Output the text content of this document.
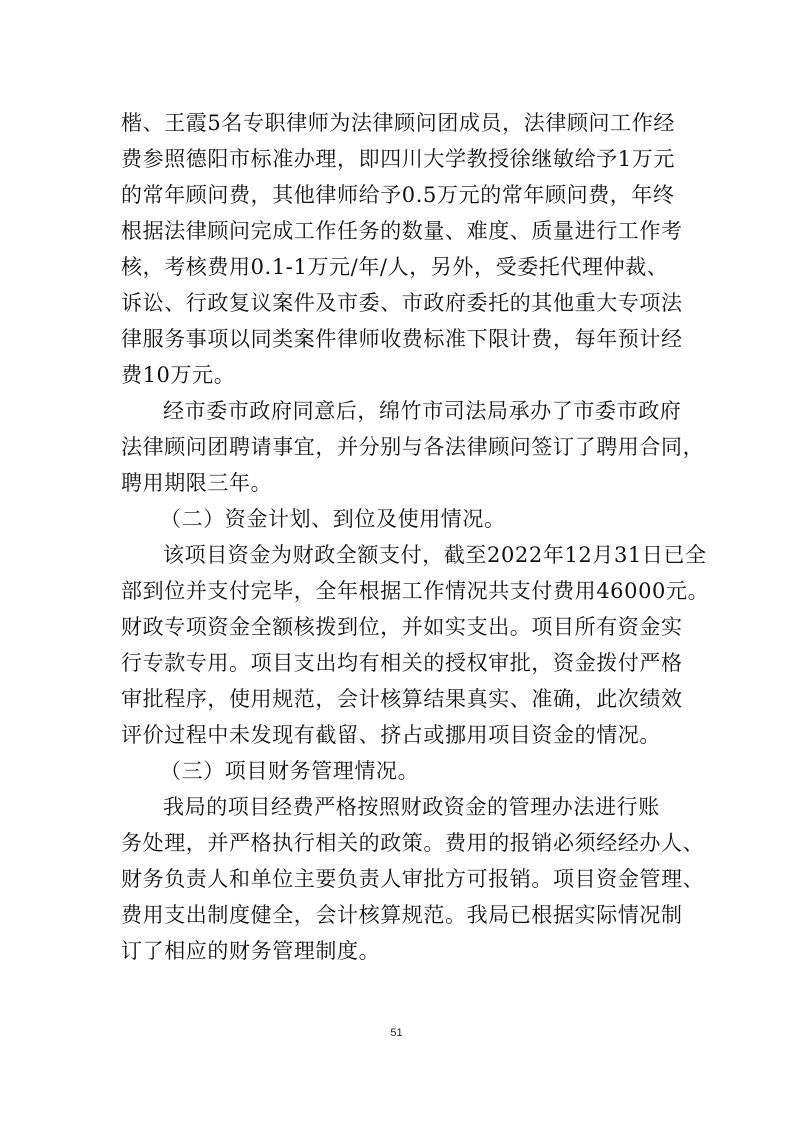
楷、王霞5名专职律师为法律顾问团成员，法律顾问工作经
费参照德阳市标准办理，即四川大学教授徐继敏给予1万元
的常年顾问费，其他律师给予0.5万元的常年顾问费，年终
根据法律顾问完成工作任务的数量、难度、质量进行工作考
核，考核费用0.1-1万元/年/人，另外，受委托代理仲裁、
诉讼、行政复议案件及市委、市政府委托的其他重大专项法
律服务事项以同类案件律师收费标准下限计费，每年预计经
费10万元。
经市委市政府同意后，绵竹市司法局承办了市委市政府
法律顾问团聘请事宜，并分别与各法律顾问签订了聘用合同，
聘用期限三年。
（二）资金计划、到位及使用情况。
该项目资金为财政全额支付，截至2022年12月31日已全
部到位并支付完毕，全年根据工作情况共支付费用46000元。
财政专项资金全额核拨到位，并如实支出。项目所有资金实
行专款专用。项目支出均有相关的授权审批，资金拨付严格
审批程序，使用规范，会计核算结果真实、准确，此次绩效
评价过程中未发现有截留、挤占或挪用项目资金的情况。
（三）项目财务管理情况。
我局的项目经费严格按照财政资金的管理办法进行账
务处理，并严格执行相关的政策。费用的报销必须经经办人、
财务负责人和单位主要负责人审批方可报销。项目资金管理、
费用支出制度健全，会计核算规范。我局已根据实际情况制
订了相应的财务管理制度。
51
